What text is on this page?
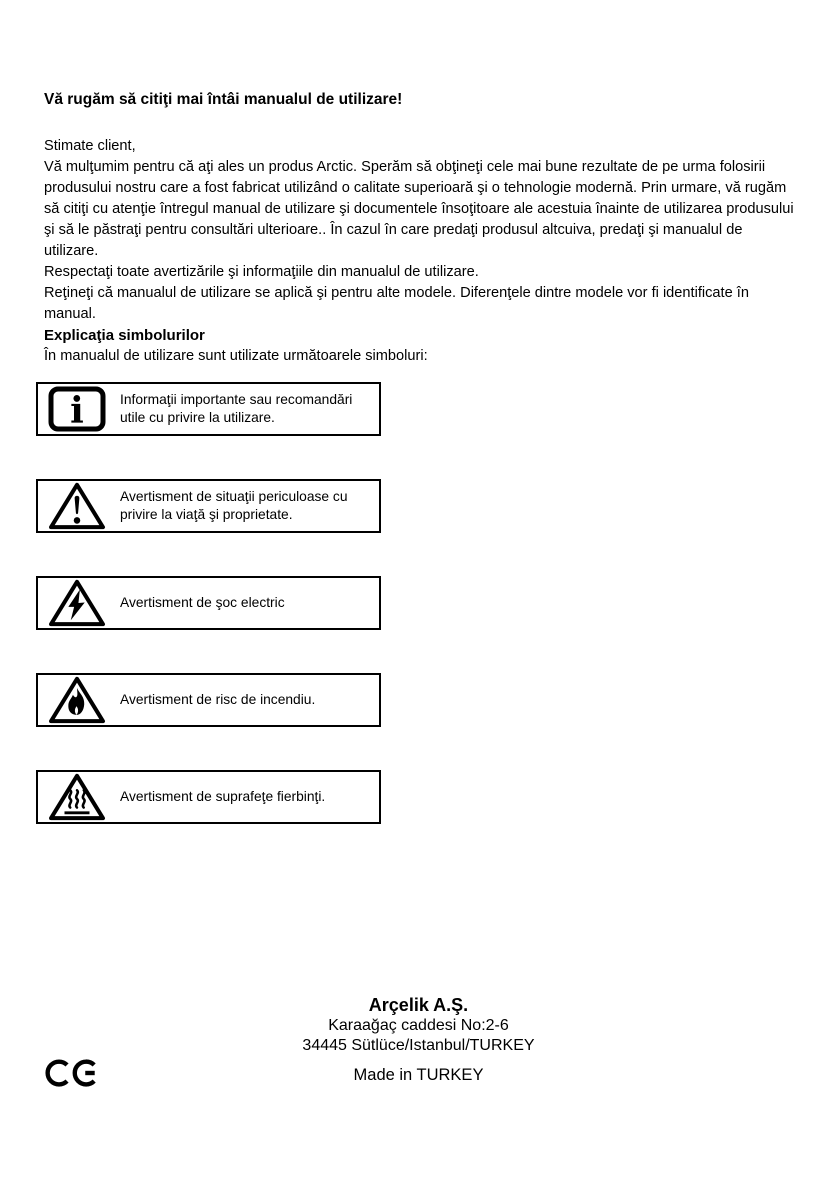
Vă rugăm să citiţi mai întâi manualul de utilizare!

Stimate client,

Vă mulţumim pentru că aţi ales un produs Arctic. Sperăm să obţineţi cele mai bune rezultate de pe urma folosirii produsului nostru care a fost fabricat utilizând o calitate superioară şi o tehnologie modernă. Prin urmare, vă rugăm să citiţi cu atenţie întregul manual de utilizare şi documentele însoţitoare ale acestuia înainte de utilizarea produsului şi să le păstraţi pentru consultări ulterioare.. În cazul în care predaţi produsul altcuiva, predaţi şi manualul de utilizare.

Respectaţi toate avertizările şi informaţiile din manualul de utilizare.

Reţineţi că manualul de utilizare se aplică şi pentru alte modele. Diferenţele dintre modele vor fi identificate în manual.

Explicaţia simbolurilor

În manualul de utilizare sunt utilizate următoarele simboluri:

i	Informaţii importante sau recomandări utile cu privire la utilizare.
Avertisment de situaţii periculoase cu privire la viaţă şi proprietate.
Avertisment de şoc electric
Avertisment de risc de incendiu.
Avertisment de suprafeţe fierbinţi.
Arçelik A.Ş.
Karaağaç caddesi No:2-6
34445 Sütlüce/Istanbul/TURKEY
Made in TURKEY
